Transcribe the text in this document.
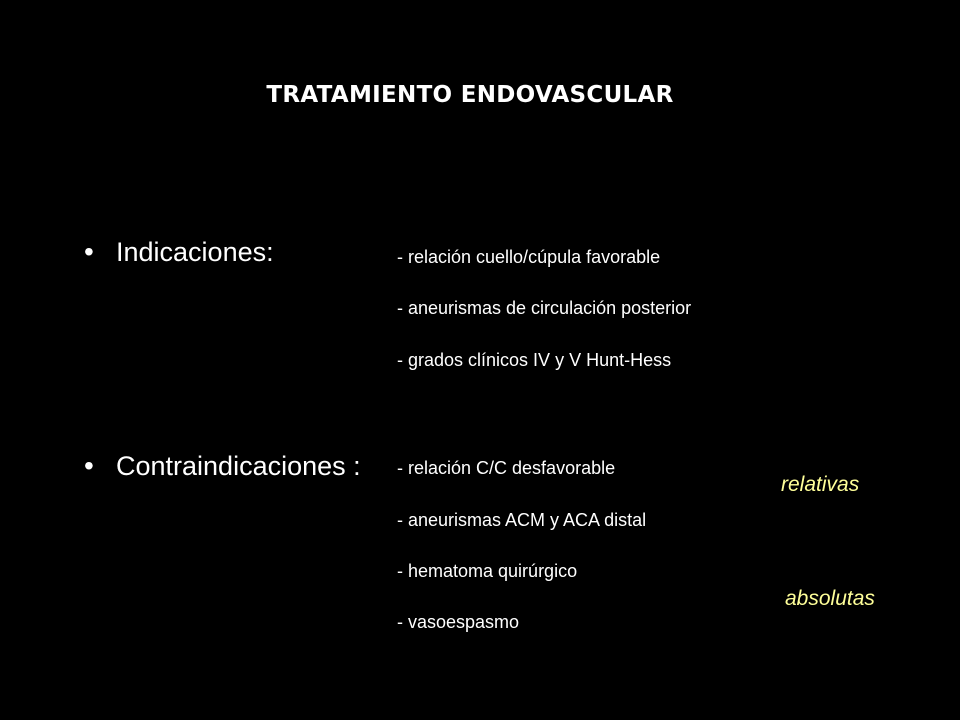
TRATAMIENTO ENDOVASCULAR
• Indicaciones:	- relación cuello/cúpula favorable
- aneurismas de circulación posterior
- grados clínicos IV y V Hunt-Hess
• Contraindicaciones : - relación C/C desfavorable
- aneurismas ACM y ACA distal
- hematoma quirúrgico
- vasoespasmo
relativas
absolutas
